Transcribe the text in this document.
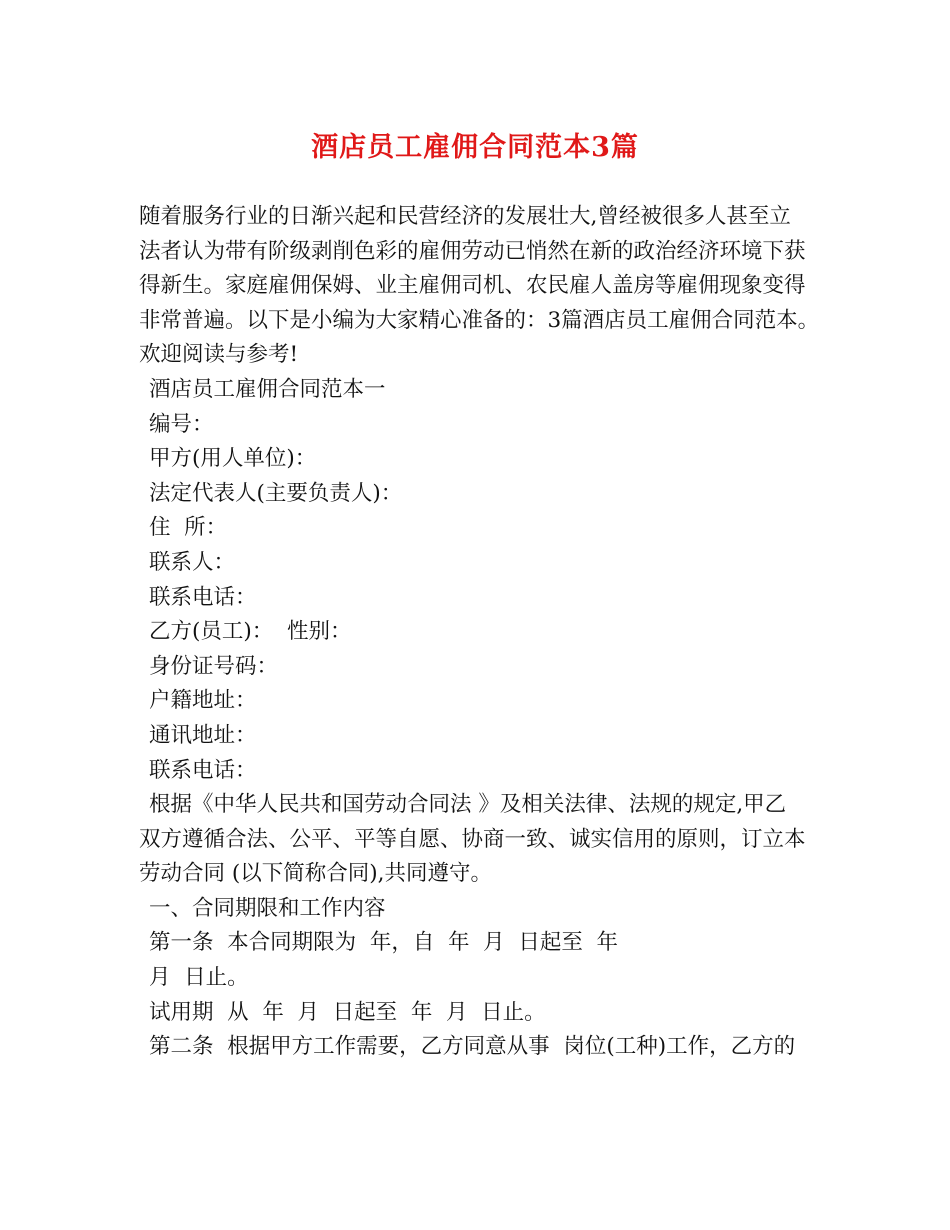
酒店员工雇佣合同范本3篇

随着服务行业的日渐兴起和民营经济的发展壮大,曾经被很多人甚至立

法者认为带有阶级剥削色彩的雇佣劳动已悄然在新的政治经济环境下获

得新生。家庭雇佣保姆、业主雇佣司机、农民雇人盖房等雇佣现象变得

非常普遍。以下是小编为大家精心准备的：3篇酒店员工雇佣合同范本。

欢迎阅读与参考!

酒店员工雇佣合同范本一

编号：

甲方(用人单位)：

法定代表人(主要负责人)：

住  所：

联系人：

联系电话：

乙方(员工)：  性别：

身份证号码：

户籍地址：

通讯地址：

联系电话：

根据《中华人民共和国劳动合同法 》及相关法律、法规的规定,甲乙

双方遵循合法、公平、平等自愿、协商一致、诚实信用的原则，订立本

劳动合同 (以下简称合同),共同遵守。

一、合同期限和工作内容

第一条  本合同期限为  年，自  年  月  日起至  年

月  日止。

试用期  从  年  月  日起至  年  月  日止。

第二条  根据甲方工作需要，乙方同意从事  岗位(工种)工作，乙方的
